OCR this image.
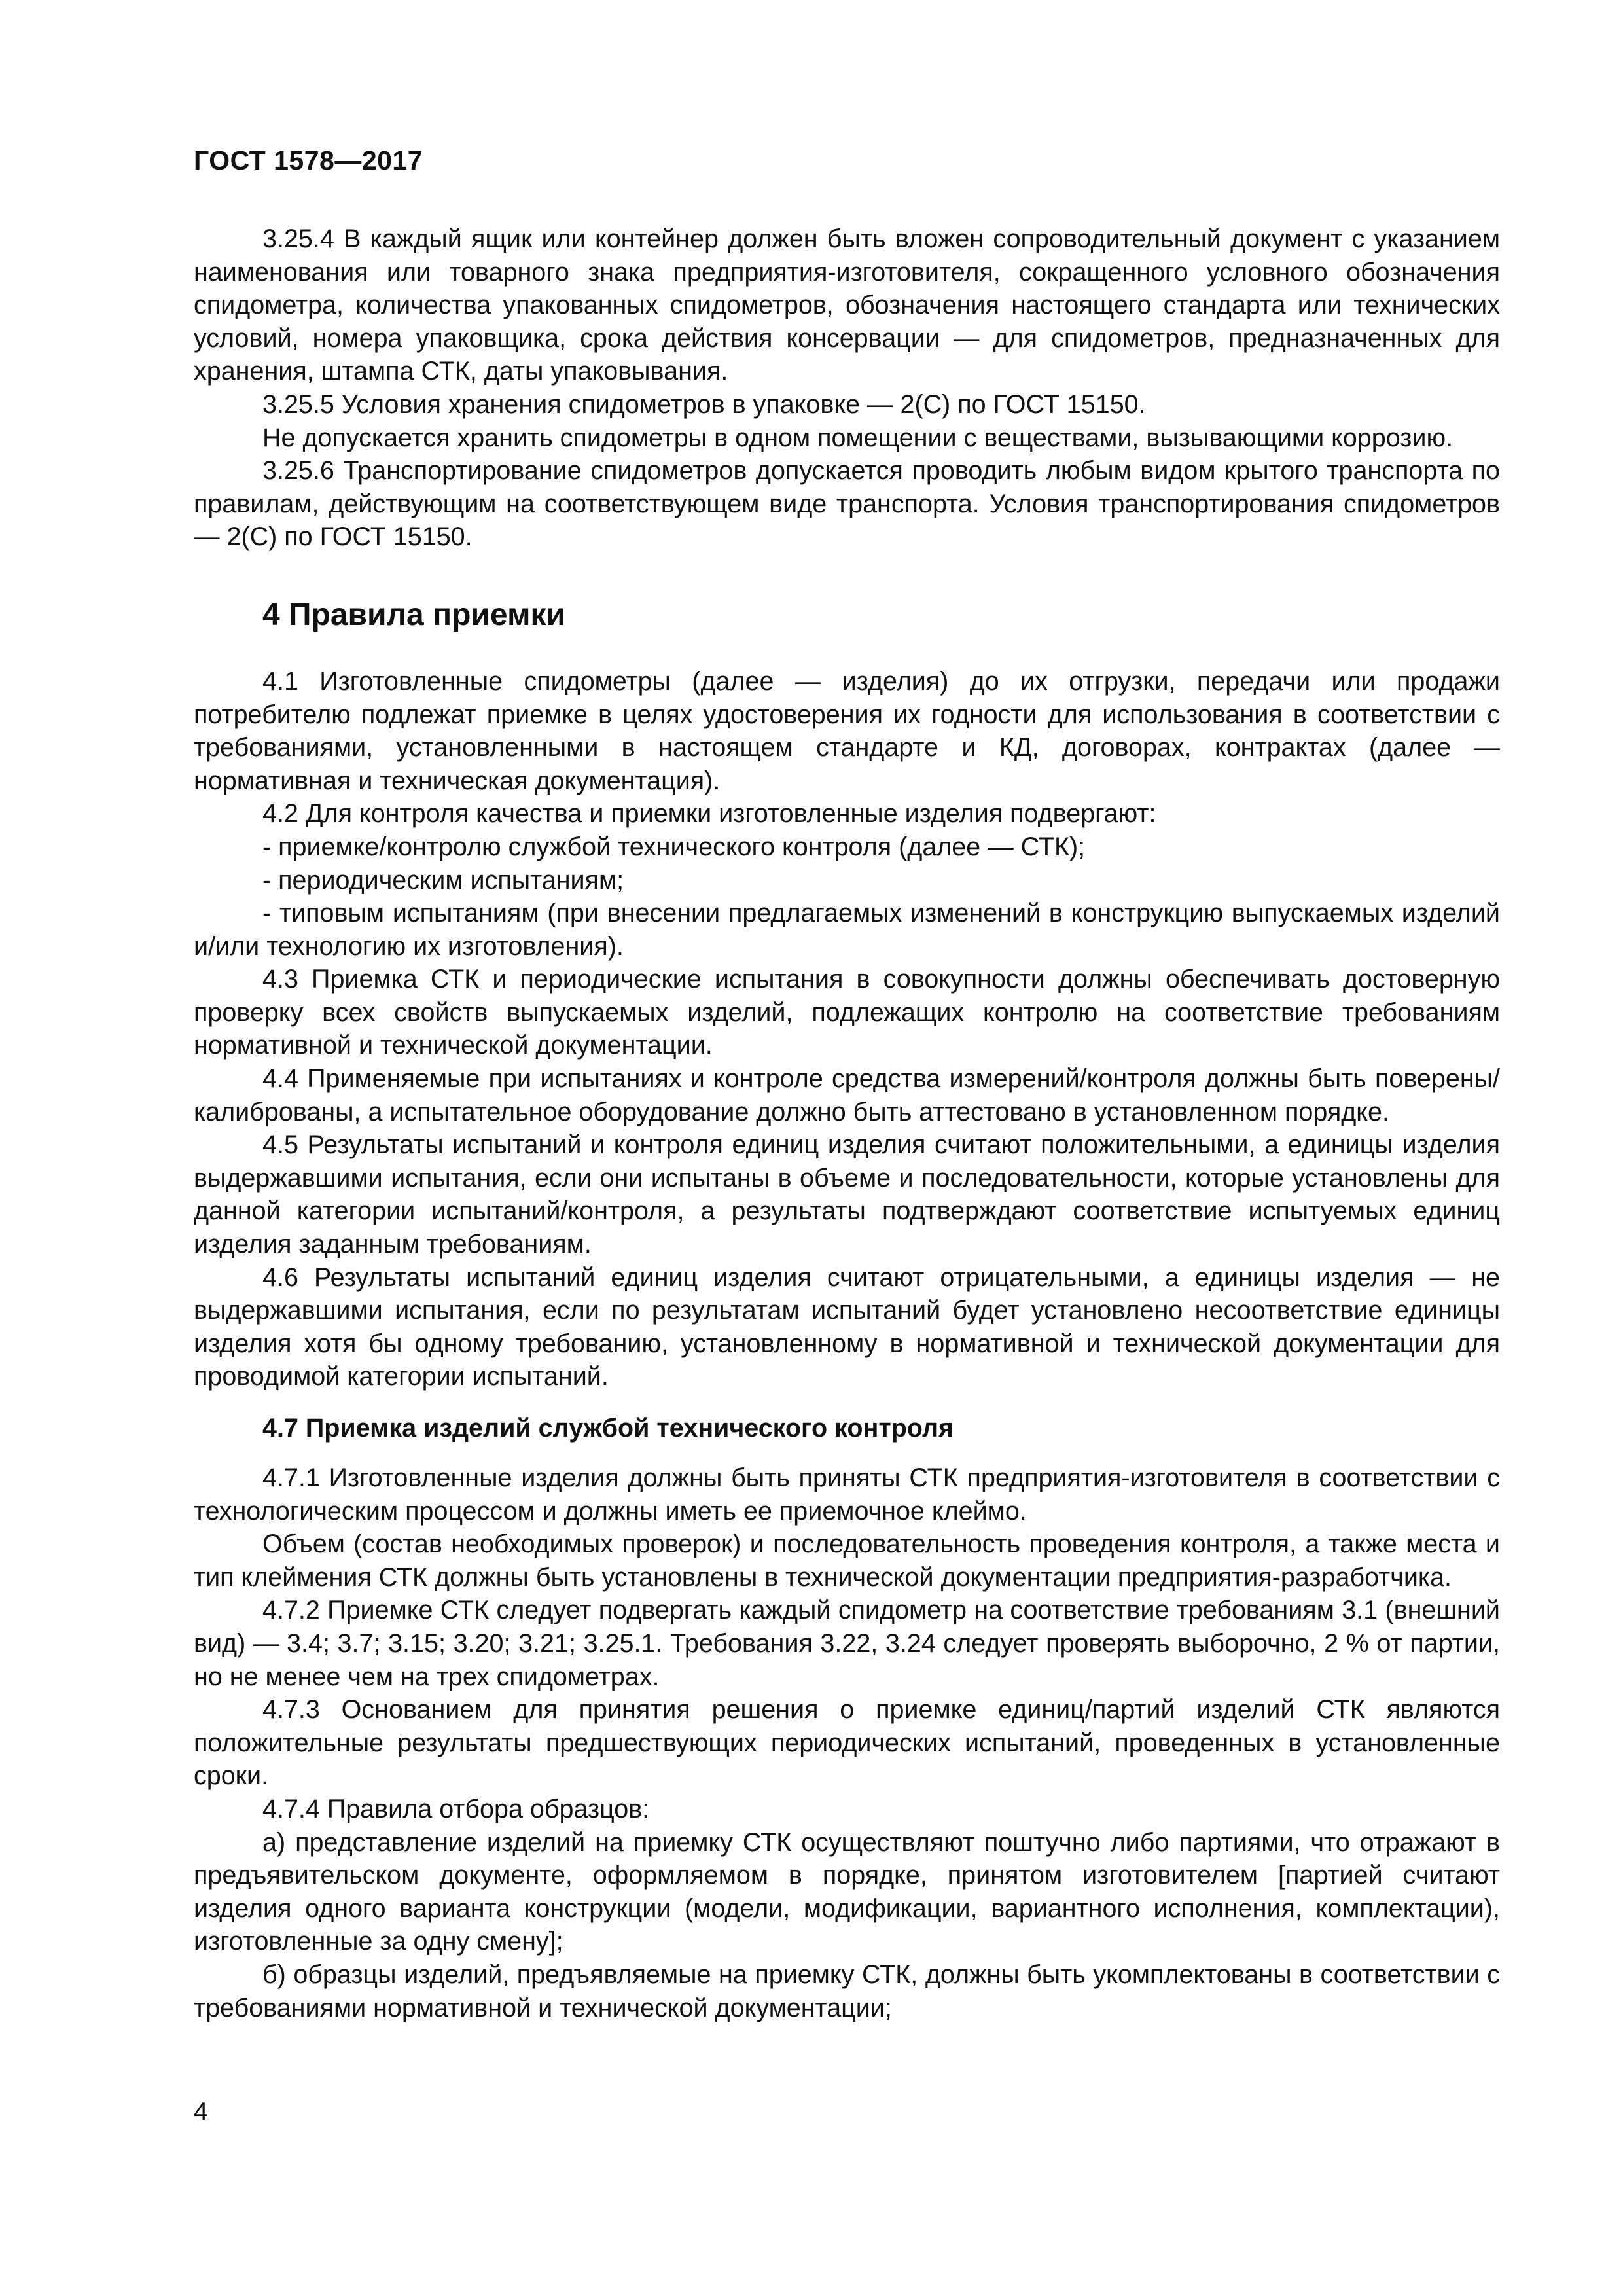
ГОСТ 1578—2017

3.25.4 В каждый ящик или контейнер должен быть вложен сопроводительный документ с указанием наименования или товарного знака предприятия-изготовителя, сокращенного условного обозначения спидометра, количества упакованных спидометров, обозначения настоящего стандарта или технических условий, номера упаковщика, срока действия консервации — для спидометров, предназначенных для хранения, штампа СТК, даты упаковывания.

3.25.5 Условия хранения спидометров в упаковке — 2(С) по ГОСТ 15150.

Не допускается хранить спидометры в одном помещении с веществами, вызывающими коррозию.

3.25.6 Транспортирование спидометров допускается проводить любым видом крытого транспорта по правилам, действующим на соответствующем виде транспорта. Условия транспортирования спидометров — 2(С) по ГОСТ 15150.

4 Правила приемки

4.1 Изготовленные спидометры (далее — изделия) до их отгрузки, передачи или продажи потребителю подлежат приемке в целях удостоверения их годности для использования в соответствии с требованиями, установленными в настоящем стандарте и КД, договорах, контрактах (далее — нормативная и техническая документация).

4.2 Для контроля качества и приемки изготовленные изделия подвергают:

- приемке/контролю службой технического контроля (далее — СТК);

- периодическим испытаниям;

- типовым испытаниям (при внесении предлагаемых изменений в конструкцию выпускаемых изделий и/или технологию их изготовления).

4.3 Приемка СТК и периодические испытания в совокупности должны обеспечивать достоверную проверку всех свойств выпускаемых изделий, подлежащих контролю на соответствие требованиям нормативной и технической документации.

4.4 Применяемые при испытаниях и контроле средства измерений/контроля должны быть поверены/калиброваны, а испытательное оборудование должно быть аттестовано в установленном порядке.

4.5 Результаты испытаний и контроля единиц изделия считают положительными, а единицы изделия выдержавшими испытания, если они испытаны в объеме и последовательности, которые установлены для данной категории испытаний/контроля, а результаты подтверждают соответствие испытуемых единиц изделия заданным требованиям.

4.6 Результаты испытаний единиц изделия считают отрицательными, а единицы изделия — не выдержавшими испытания, если по результатам испытаний будет установлено несоответствие единицы изделия хотя бы одному требованию, установленному в нормативной и технической документации для проводимой категории испытаний.

4.7 Приемка изделий службой технического контроля

4.7.1 Изготовленные изделия должны быть приняты СТК предприятия-изготовителя в соответствии с технологическим процессом и должны иметь ее приемочное клеймо.

Объем (состав необходимых проверок) и последовательность проведения контроля, а также места и тип клеймения СТК должны быть установлены в технической документации предприятия-разработчика.

4.7.2 Приемке СТК следует подвергать каждый спидометр на соответствие требованиям 3.1 (внешний вид) — 3.4; 3.7; 3.15; 3.20; 3.21; 3.25.1. Требования 3.22, 3.24 следует проверять выборочно, 2 % от партии, но не менее чем на трех спидометрах.

4.7.3 Основанием для принятия решения о приемке единиц/партий изделий СТК являются положительные результаты предшествующих периодических испытаний, проведенных в установленные сроки.

4.7.4 Правила отбора образцов:

а) представление изделий на приемку СТК осуществляют поштучно либо партиями, что отражают в предъявительском документе, оформляемом в порядке, принятом изготовителем [партией считают изделия одного варианта конструкции (модели, модификации, вариантного исполнения, комплектации), изготовленные за одну смену];

б) образцы изделий, предъявляемые на приемку СТК, должны быть укомплектованы в соответствии с требованиями нормативной и технической документации;

4
